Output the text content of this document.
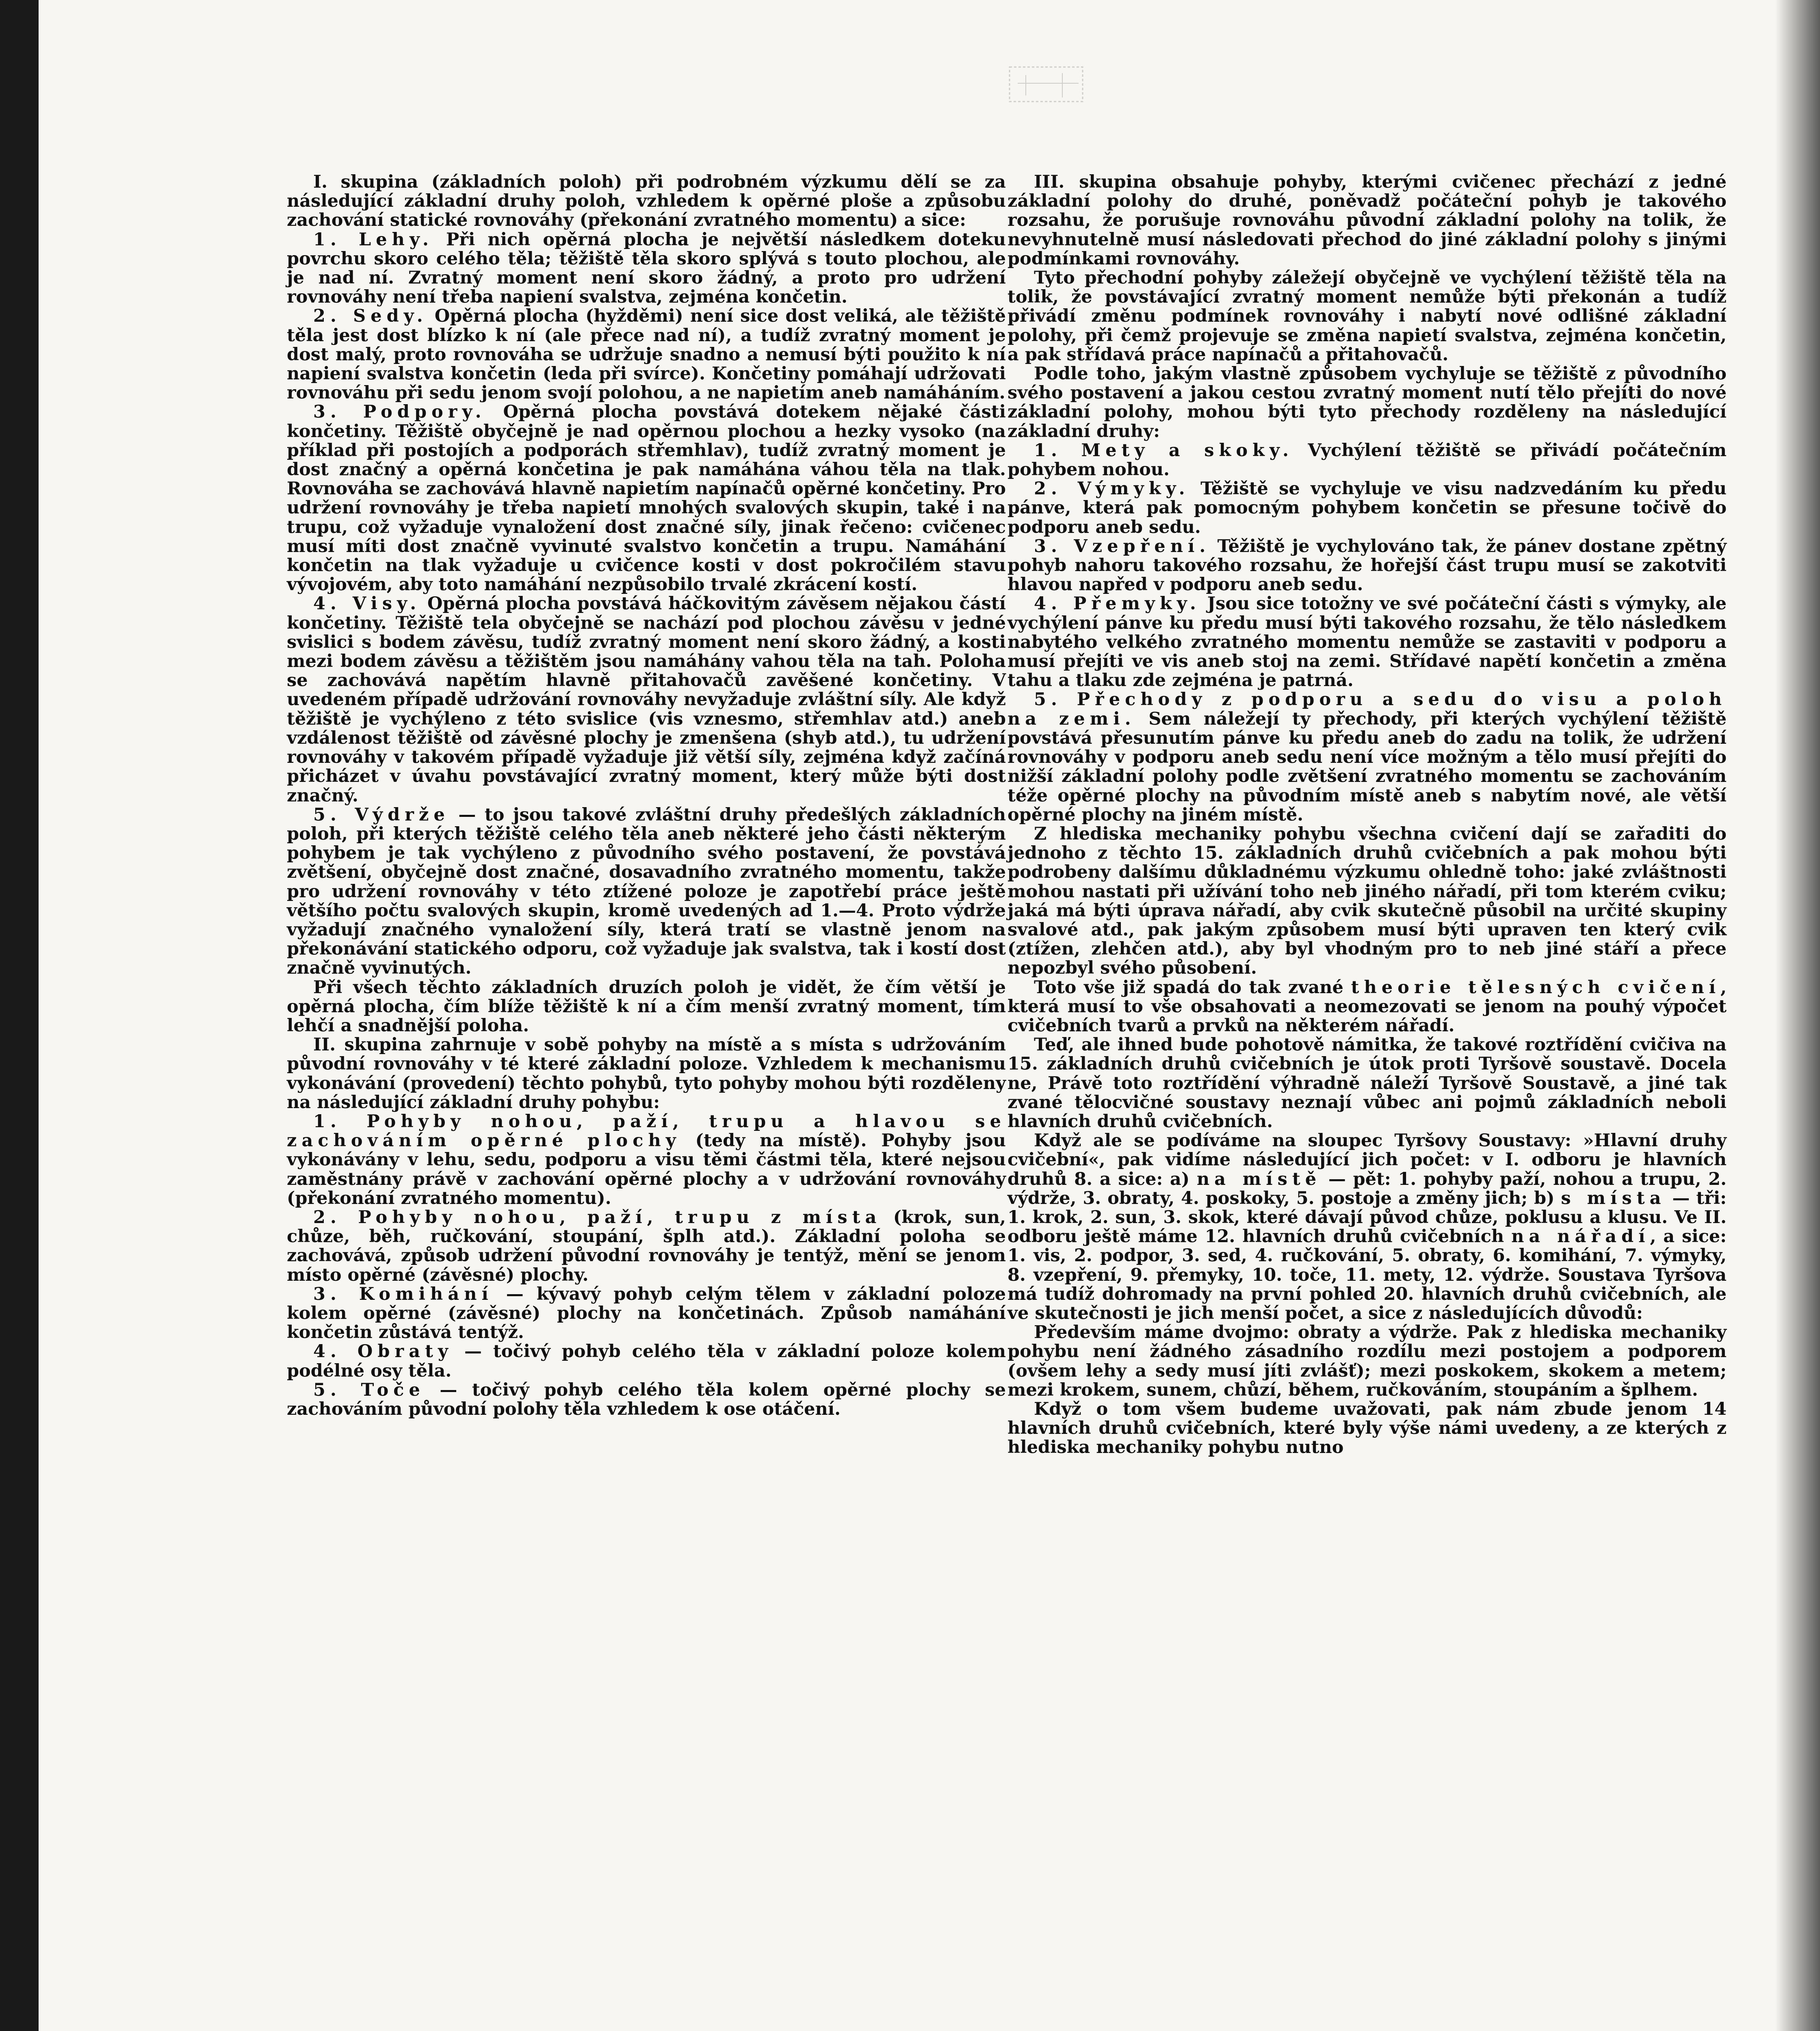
I. skupina (základních poloh) při podrobném výzkumu dělí se za následující základní druhy poloh, vzhledem k opěrné ploše a způsobu zachování statické rovnováhy (překonání zvratného momentu) a sice:

1. Lehy. Při nich opěrná plocha je největší následkem doteku povrchu skoro celého těla; těžiště těla skoro splývá s touto plochou, ale je nad ní. Zvratný moment není skoro žádný, a proto pro udržení rovnováhy není třeba napiení svalstva, zejména končetin.

2. Sedy. Opěrná plocha (hyžděmi) není sice dost veliká, ale těžiště těla jest dost blízko k ní (ale přece nad ní), a tudíž zvratný moment je dost malý, proto rovnováha se udržuje snadno a nemusí býti použito k ní napiení svalstva končetin (leda při svírce). Končetiny pomáhají udržovati rovnováhu při sedu jenom svojí polohou, a ne napietím aneb namáháním.

3. Podpory. Opěrná plocha povstává dotekem nějaké části končetiny. Těžiště obyčejně je nad opěrnou plochou a hezky vysoko (na příklad při postojích a podporách střemhlav), tudíž zvratný moment je dost značný a opěrná končetina je pak namáhána váhou těla na tlak. Rovnováha se zachovává hlavně napietím napínačů opěrné končetiny. Pro udržení rovnováhy je třeba napietí mnohých svalových skupin, také i na trupu, což vyžaduje vynaložení dost značné síly, jinak řečeno: cvičenec musí míti dost značně vyvinuté svalstvo končetin a trupu. Namáhání končetin na tlak vyžaduje u cvičence kosti v dost pokročilém stavu vývojovém, aby toto namáhání nezpůsobilo trvalé zkrácení kostí.

4. Visy. Opěrná plocha povstává háčkovitým závěsem nějakou částí končetiny. Těžiště tela obyčejně se nachází pod plochou závěsu v jedné svislici s bodem závěsu, tudíž zvratný moment není skoro žádný, a kosti mezi bodem závěsu a těžištěm jsou namáhány vahou těla na tah. Poloha se zachovává napětím hlavně přitahovačů zavěšené končetiny. V uvedeném případě udržování rovnováhy nevyžaduje zvláštní síly. Ale když těžiště je vychýleno z této svislice (vis vznesmo, střemhlav atd.) aneb vzdálenost těžiště od závěsné plochy je zmenšena (shyb atd.), tu udržení rovnováhy v takovém případě vyžaduje již větší síly, zejména když začíná přicházet v úvahu povstávající zvratný moment, který může býti dost značný.

5. Výdrže — to jsou takové zvláštní druhy předešlých základních poloh, při kterých těžiště celého těla aneb některé jeho části některým pohybem je tak vychýleno z původního svého postavení, že povstává zvětšení, obyčejně dost značné, dosavadního zvratného momentu, takže pro udržení rovnováhy v této ztížené poloze je zapotřebí práce ještě většího počtu svalových skupin, kromě uvedených ad 1.—4. Proto výdrže vyžadují značného vynaložení síly, která tratí se vlastně jenom na překonávání statického odporu, což vyžaduje jak svalstva, tak i kostí dost značně vyvinutých.

Při všech těchto základních druzích poloh je vidět, že čím větší je opěrná plocha, čím blíže těžiště k ní a čím menší zvratný moment, tím lehčí a snadnější poloha.

II. skupina zahrnuje v sobě pohyby na místě a s místa s udržováním původní rovnováhy v té které základní poloze. Vzhledem k mechanismu vykonávání (provedení) těchto pohybů, tyto pohyby mohou býti rozděleny na následující základní druhy pohybu:

1. Pohyby nohou, paží, trupu a hlavou se zachováním opěrné plochy (tedy na místě). Pohyby jsou vykonávány v lehu, sedu, podporu a visu těmi částmi těla, které nejsou zaměstnány právě v zachování opěrné plochy a v udržování rovnováhy (překonání zvratného momentu).

2. Pohyby nohou, paží, trupu z místa (krok, sun, chůze, běh, ručkování, stoupání, šplh atd.). Základní poloha se zachovává, způsob udržení původní rovnováhy je tentýž, mění se jenom místo opěrné (závěsné) plochy.

3. Komihání — kývavý pohyb celým tělem v základní poloze kolem opěrné (závěsné) plochy na končetinách. Způsob namáhání končetin zůstává tentýž.

4. Obraty — točivý pohyb celého těla v základní poloze kolem podélné osy těla.

5. Toče — točivý pohyb celého těla kolem opěrné plochy se zachováním původní polohy těla vzhledem k ose otáčení.

III. skupina obsahuje pohyby, kterými cvičenec přechází z jedné základní polohy do druhé, poněvadž počáteční pohyb je takového rozsahu, že porušuje rovnováhu původní základní polohy na tolik, že nevyhnutelně musí následovati přechod do jiné základní polohy s jinými podmínkami rovnováhy.

Tyto přechodní pohyby záležejí obyčejně ve vychýlení těžiště těla na tolik, že povstávající zvratný moment nemůže býti překonán a tudíž přivádí změnu podmínek rovnováhy i nabytí nové odlišné základní polohy, při čemž projevuje se změna napietí svalstva, zejména končetin, a pak střídavá práce napínačů a přitahovačů.

Podle toho, jakým vlastně způsobem vychyluje se těžiště z původního svého postavení a jakou cestou zvratný moment nutí tělo přejíti do nové základní polohy, mohou býti tyto přechody rozděleny na následující základní druhy:

1. Mety a skoky. Vychýlení těžiště se přivádí počátečním pohybem nohou.

2. Výmyky. Těžiště se vychyluje ve visu nadzvedáním ku předu pánve, která pak pomocným pohybem končetin se přesune točivě do podporu aneb sedu.

3. Vzepření. Těžiště je vychylováno tak, že pánev dostane zpětný pohyb nahoru takového rozsahu, že hořejší část trupu musí se zakotviti hlavou napřed v podporu aneb sedu.

4. Přemyky. Jsou sice totožny ve své počáteční části s výmyky, ale vychýlení pánve ku předu musí býti takového rozsahu, že tělo následkem nabytého velkého zvratného momentu nemůže se zastaviti v podporu a musí přejíti ve vis aneb stoj na zemi. Střídavé napětí končetin a změna tahu a tlaku zde zejména je patrná.

5. Přechody z podporu a sedu do visu a poloh na zemi. Sem náležejí ty přechody, při kterých vychýlení těžiště povstává přesunutím pánve ku předu aneb do zadu na tolik, že udržení rovnováhy v podporu aneb sedu není více možným a tělo musí přejíti do nižší základní polohy podle zvětšení zvratného momentu se zachováním téže opěrné plochy na původním místě aneb s nabytím nové, ale větší opěrné plochy na jiném místě.

Z hlediska mechaniky pohybu všechna cvičení dají se zařaditi do jednoho z těchto 15. základních druhů cvičebních a pak mohou býti podrobeny dalšímu důkladnému výzkumu ohledně toho: jaké zvláštnosti mohou nastati při užívání toho neb jiného nářadí, při tom kterém cviku; jaká má býti úprava nářadí, aby cvik skutečně působil na určité skupiny svalové atd., pak jakým způsobem musí býti upraven ten který cvik (ztížen, zlehčen atd.), aby byl vhodným pro to neb jiné stáří a přece nepozbyl svého působení.

Toto vše již spadá do tak zvané theorie tělesných cvičení, která musí to vše obsahovati a neomezovati se jenom na pouhý výpočet cvičebních tvarů a prvků na některém nářadí.

Teď, ale ihned bude pohotově námitka, že takové roztřídění cvičiva na 15. základních druhů cvičebních je útok proti Tyršově soustavě. Docela ne, Právě toto roztřídění výhradně náleží Tyršově Soustavě, a jiné tak zvané tělocvičné soustavy neznají vůbec ani pojmů základních neboli hlavních druhů cvičebních.

Když ale se podíváme na sloupec Tyršovy Soustavy: »Hlavní druhy cvičební«, pak vidíme následující jich počet: v I. odboru je hlavních druhů 8. a sice: a) na místě — pět: 1. pohyby paží, nohou a trupu, 2. výdrže, 3. obraty, 4. poskoky, 5. postoje a změny jich; b) s místa — tři: 1. krok, 2. sun, 3. skok, které dávají původ chůze, poklusu a klusu. Ve II. odboru ještě máme 12. hlavních druhů cvičebních na nářadí, a sice: 1. vis, 2. podpor, 3. sed, 4. ručkování, 5. obraty, 6. komihání, 7. výmyky, 8. vzepření, 9. přemyky, 10. toče, 11. mety, 12. výdrže. Soustava Tyršova má tudíž dohromady na první pohled 20. hlavních druhů cvičebních, ale ve skutečnosti je jich menší počet, a sice z následujících důvodů:

Především máme dvojmo: obraty a výdrže. Pak z hlediska mechaniky pohybu není žádného zásadního rozdílu mezi postojem a podporem (ovšem lehy a sedy musí jíti zvlášť); mezi poskokem, skokem a metem; mezi krokem, sunem, chůzí, během, ručkováním, stoupáním a šplhem.

Když o tom všem budeme uvažovati, pak nám zbude jenom 14 hlavních druhů cvičebních, které byly výše námi uvedeny, a ze kterých z hlediska mechaniky pohybu nutno
